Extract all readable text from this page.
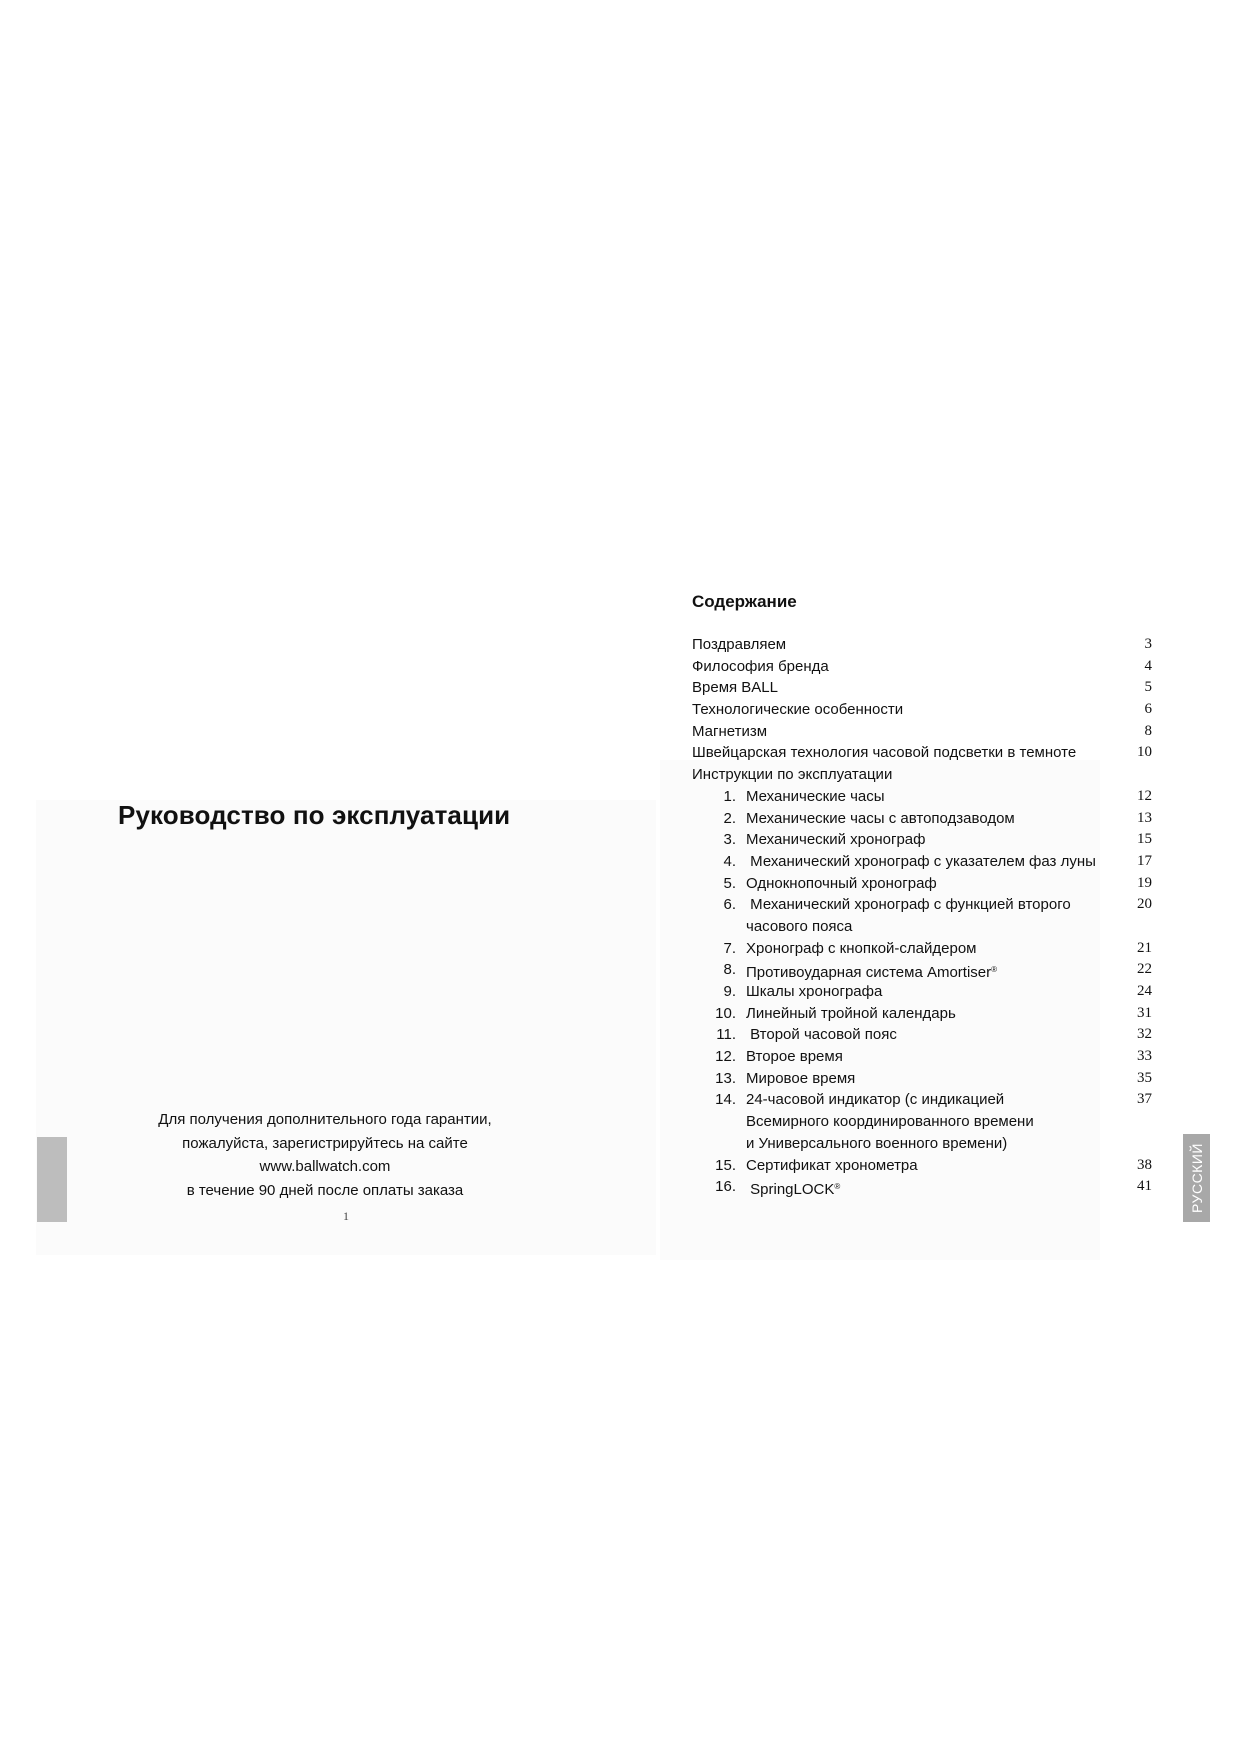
Руководство по эксплуатации
Для получения дополнительного года гарантии,
пожалуйста, зарегистрируйтесь на сайте
www.ballwatch.com
в течение 90 дней после оплаты заказа
1
Содержание
Поздравляем	3
Философия бренда	4
Время BALL	5
Технологические особенности	6
Магнетизм	8
Швейцарская технология часовой подсветки в темноте	10
Инструкции по эксплуатации
1. Механические часы	12
2. Механические часы с автоподзаводом	13
3. Механический хронограф	15
4. Механический хронограф с указателем фаз луны	17
5. Однокнопочный хронограф	19
6. Механический хронограф с функцией второго	20
часового пояса
7. Хронограф с кнопкой-слайдером	21
8. Противоударная система Amortiser®	22
9. Шкалы хронографа	24
10. Линейный тройной календарь	31
11. Второй часовой пояс	32
12. Второе время	33
13. Мировое время	35
14. 24-часовой индикатор (с индикацией	37
Всемирного координированного времени
и Универсального военного времени)
15. Сертификат хронометра	38
16. SpringLOCK®	41	РУССКИЙ
